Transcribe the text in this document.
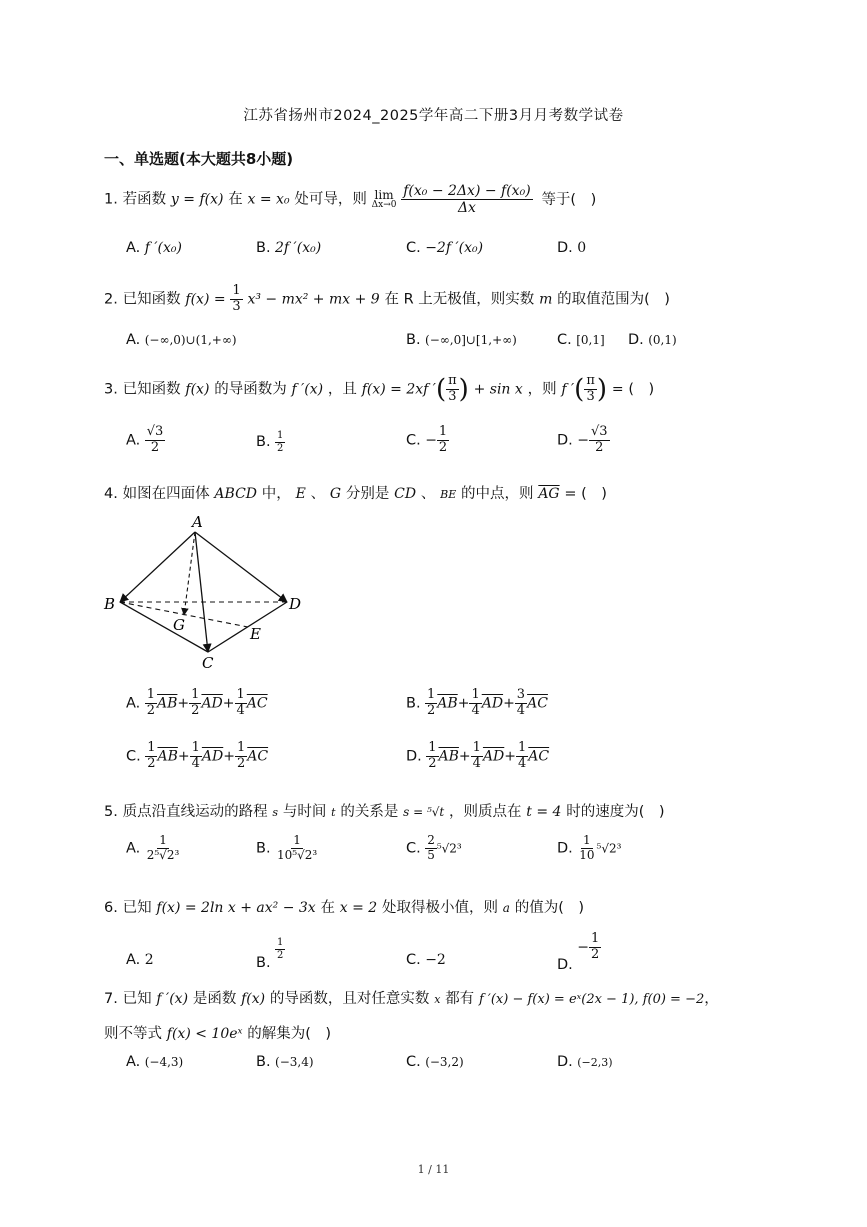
江苏省扬州市2024_2025学年高二下册3月月考数学试卷
一、单选题(本大题共8小题)
1. 若函数 y = f(x) 在 x = x₀ 处可导，则 lim
Δx→0
$\frac{\text{f(x₀ − 2Δx) − f(x₀)}}{\Delta x}$ 等于(　)
A. f ′(x₀)	B. 2f ′(x₀)	C. −2f ′(x₀)	D. 0
2. 已知函数 $f(x) = \frac{1}{3} x^3 - mx^2$ + mx + 9 在 R 上无极值，则实数 m 的取值范围为(　)
A. (−∞,0)∪(1,+∞)	B. (−∞,0]∪[1,+∞)	C. [0,1] D. (0,1)
3. 已知函数 f(x) 的导函数为 f ′(x) ，且 f(x) = 2xf ′( $\frac{\pi}{3}$ ) + sin x ，则 f ′( $\frac{\pi}{3}$ ) = (　)
A. $\frac{√3}{2}$	B. $\frac{1}{2}$	C. − $\frac{1}{2}$	D. − $\frac{√3}{2}$
4. 如图在四面体 ABCD 中， E 、 G 分别是 CD 、 BE 的中点，则 $\overline{AG}$ = (　)
A
B
C
D
E
G
A. $\frac{1}{2} \overline{AB}+ \frac{1}{2} \overline{AD}+ \frac{1}{4} \overline{AC}$	B. $\frac{1}{2} \overline{AB}+ \frac{1}{4} \overline{AD}+ \frac{3}{4} \overline{AC}$
C. $\frac{1}{2} \overline{AB}+ \frac{1}{4} \overline{AD}+ \frac{1}{2} \overline{AC}$	D. $\frac{1}{2} \overline{AB}+ \frac{1}{4} \overline{AD}+ \frac{1}{4} \overline{AC}$
5. 质点沿直线运动的路程 s 与时间 t 的关系是 s = ⁵√t ，则质点在 t = 4 时的速度为(　)
A. $\frac{1}{\text{2⁵√2³}}$	B. $\frac{1}{\text{10⁵√2³}}$	C. $\frac{2}{5} ^5√2^3$	D. $\frac{1}{10} ^5√2^3$
6. 已知 f(x) = 2ln x + ax² − 3x 在 x = 2 处取得极小值，则 a 的值为(　)
A. 2	B.
$\frac{1}{2}$	C. −2	D. − $\frac{1}{2}$
7. 已知 f ′(x) 是函数 f(x) 的导函数，且对任意实数 x 都有 f ′(x) − f(x) = eˣ(2x − 1), f(0) = −2，
则不等式 f(x) < 10eˣ 的解集为(　)
A. (−4,3)	B. (−3,4)	C. (−3,2)	D. (−2,3)
1 / 11
